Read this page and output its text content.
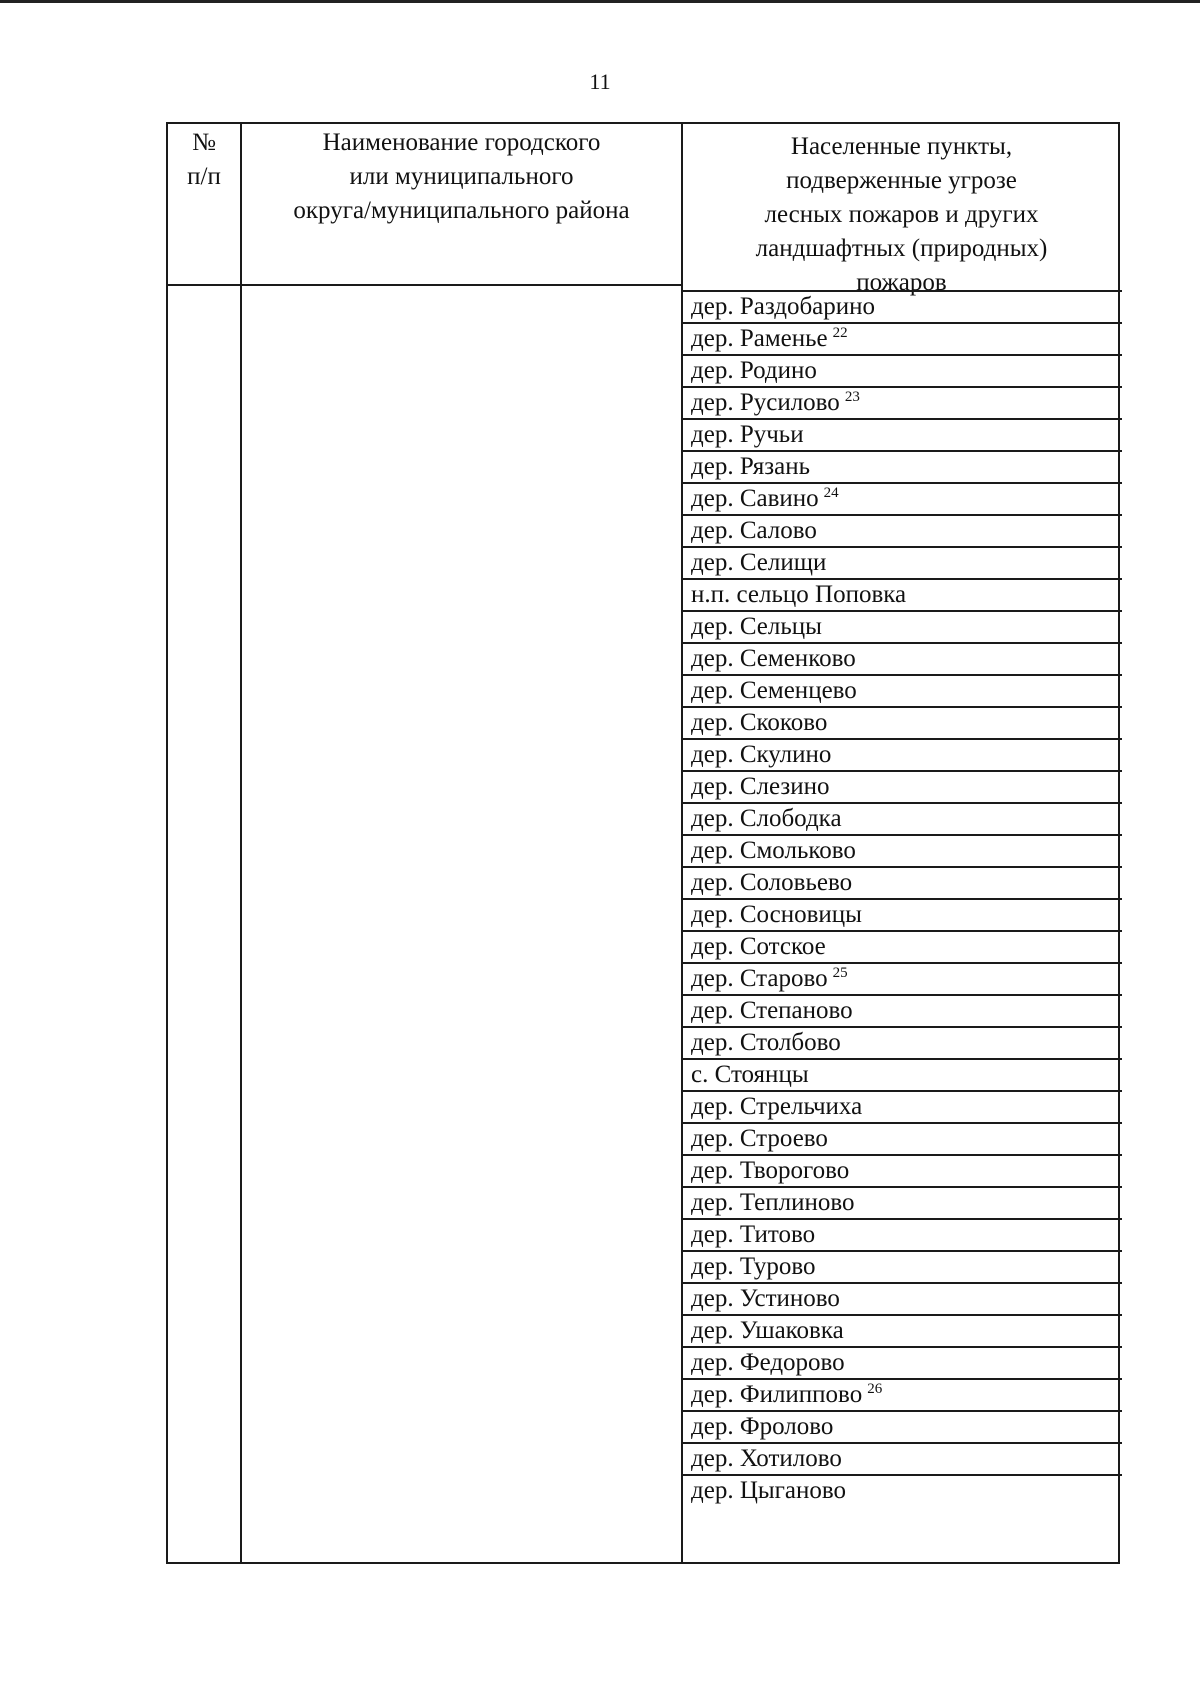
11
№
п/п
Наименование городского
или муниципального
округа/муниципального района
Населенные пункты,
подверженные угрозе
лесных пожаров и других
ландшафтных (природных)
пожаров
дер. Раздобарино
дер. Раменье $^{22}$
дер. Родино
дер. Русилово $^{23}$
дер. Ручьи
дер. Рязань
дер. Савино $^{24}$
дер. Салово
дер. Селищи
н.п. сельцо Поповка
дер. Сельцы
дер. Семенково
дер. Семенцево
дер. Скоково
дер. Скулино
дер. Слезино
дер. Слободка
дер. Смольково
дер. Соловьево
дер. Сосновицы
дер. Сотское
дер. Старово $^{25}$
дер. Степаново
дер. Столбово
с. Стоянцы
дер. Стрельчиха
дер. Строево
дер. Творогово
дер. Теплиново
дер. Титово
дер. Турово
дер. Устиново
дер. Ушаковка
дер. Федорово
дер. Филиппово $^{26}$
дер. Фролово
дер. Хотилово
дер. Цыганово
